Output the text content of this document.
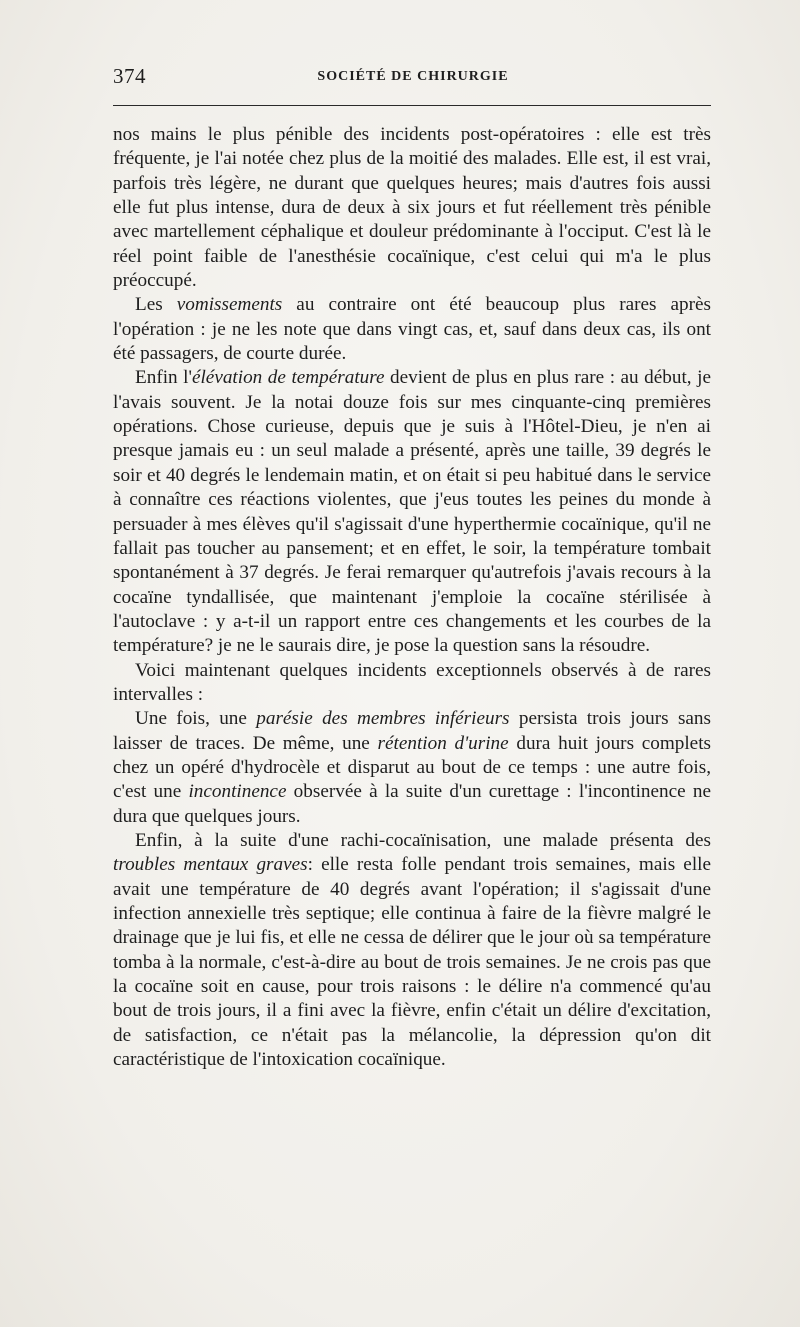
374	SOCIÉTÉ DE CHIRURGIE

nos mains le plus pénible des incidents post-opératoires : elle est très fréquente, je l'ai notée chez plus de la moitié des malades. Elle est, il est vrai, parfois très légère, ne durant que quelques heures; mais d'autres fois aussi elle fut plus intense, dura de deux à six jours et fut réellement très pénible avec martellement céphalique et douleur prédominante à l'occiput. C'est là le réel point faible de l'anesthésie cocaïnique, c'est celui qui m'a le plus préoccupé.

Les vomissements au contraire ont été beaucoup plus rares après l'opération : je ne les note que dans vingt cas, et, sauf dans deux cas, ils ont été passagers, de courte durée.

Enfin l'élévation de température devient de plus en plus rare : au début, je l'avais souvent. Je la notai douze fois sur mes cinquante-cinq premières opérations. Chose curieuse, depuis que je suis à l'Hôtel-Dieu, je n'en ai presque jamais eu : un seul malade a présenté, après une taille, 39 degrés le soir et 40 degrés le lendemain matin, et on était si peu habitué dans le service à connaître ces réactions violentes, que j'eus toutes les peines du monde à persuader à mes élèves qu'il s'agissait d'une hyperthermie cocaïnique, qu'il ne fallait pas toucher au pansement; et en effet, le soir, la température tombait spontanément à 37 degrés. Je ferai remarquer qu'autrefois j'avais recours à la cocaïne tyndallisée, que maintenant j'emploie la cocaïne stérilisée à l'autoclave : y a-t-il un rapport entre ces changements et les courbes de la température? je ne le saurais dire, je pose la question sans la résoudre.

Voici maintenant quelques incidents exceptionnels observés à de rares intervalles :

Une fois, une parésie des membres inférieurs persista trois jours sans laisser de traces. De même, une rétention d'urine dura huit jours complets chez un opéré d'hydrocèle et disparut au bout de ce temps : une autre fois, c'est une incontinence observée à la suite d'un curettage : l'incontinence ne dura que quelques jours.

Enfin, à la suite d'une rachi-cocaïnisation, une malade présenta des troubles mentaux graves: elle resta folle pendant trois semaines, mais elle avait une température de 40 degrés avant l'opération; il s'agissait d'une infection annexielle très septique; elle continua à faire de la fièvre malgré le drainage que je lui fis, et elle ne cessa de délirer que le jour où sa température tomba à la normale, c'est-à-dire au bout de trois semaines. Je ne crois pas que la cocaïne soit en cause, pour trois raisons : le délire n'a commencé qu'au bout de trois jours, il a fini avec la fièvre, enfin c'était un délire d'excitation, de satisfaction, ce n'était pas la mélancolie, la dépression qu'on dit caractéristique de l'intoxication cocaïnique.
